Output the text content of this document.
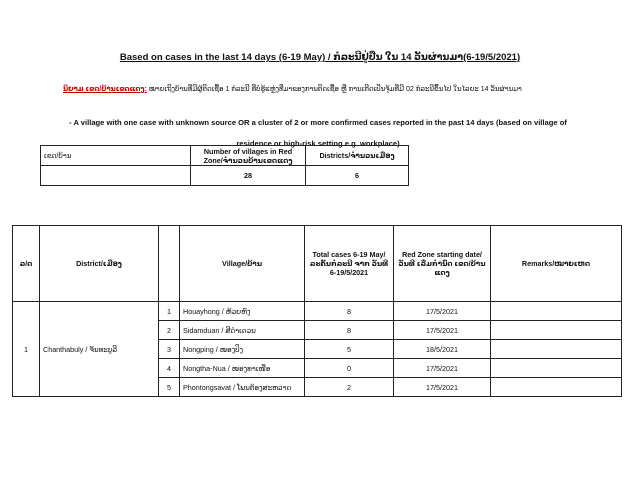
Based on cases in the last 14 days (6-19 May) / ກໍລະນີຢູ່ປືນ ໃນ 14 ວັນຜ່ານມາ(6-19/5/2021)
ນິຍາມ ເຂດ/ບ້ານເຂດແດງ: ໝາຍເຖິງບ້ານທີ່ມີຜູ້ຕິດເຊື້ອ 1 ກໍລະນີ ທີ່ບໍ່ຮູ້ແຫຼ່ງທີ່ມາຂອງການຕິດເຊື້ອ ຫຼື ການເກີດເປັນຈຸ້ມທີ່ມີ 02 ກໍລະນີຂຶ້ນໄປ ໃນໄລຍະ 14 ວັນຜ່ານມາ
- A village with one case with unknown source OR a cluster of 2 or more confirmed cases reported in the past 14 days (based on village of residence or high-risk setting e.g. workplace)
ເຂດ/ບ້ານ	Number of villages in Red Zone/ຈຳນວນບ້ານເຂດແດງ	Districts/ຈຳນວນເມືອງ
	28	6
ລ/ດ	District/ເມືອງ		Village/ບ້ານ	Total cases 6-19 May/ລະຄັ້ນກໍລະນີ ຈາກ ວັນທີ 6-19/5/2021	Red Zone starting date/ວັນທີ ເລີ່ມກຳນົດ ເຂດ/ບ້ານ ແດງ	Remarks/ໝາຍເຫດ
1	Chanthabuly / ຈັນທະບູລີ	1	Houayhong / ຫ້ວຍຫົງ	8	17/5/2021	
		2	Sidamduan / ສີດຳເດວນ	8	17/5/2021	
		3	Nongping / ໜອງປິງ	5	18/5/2021	
		4	Nongtha-Nua / ໜອງທາເໜືອ	0	17/5/2021	
		5	Phontongsavat / ໂພນຕ້ອງສະຫວາດ	2	17/5/2021	
